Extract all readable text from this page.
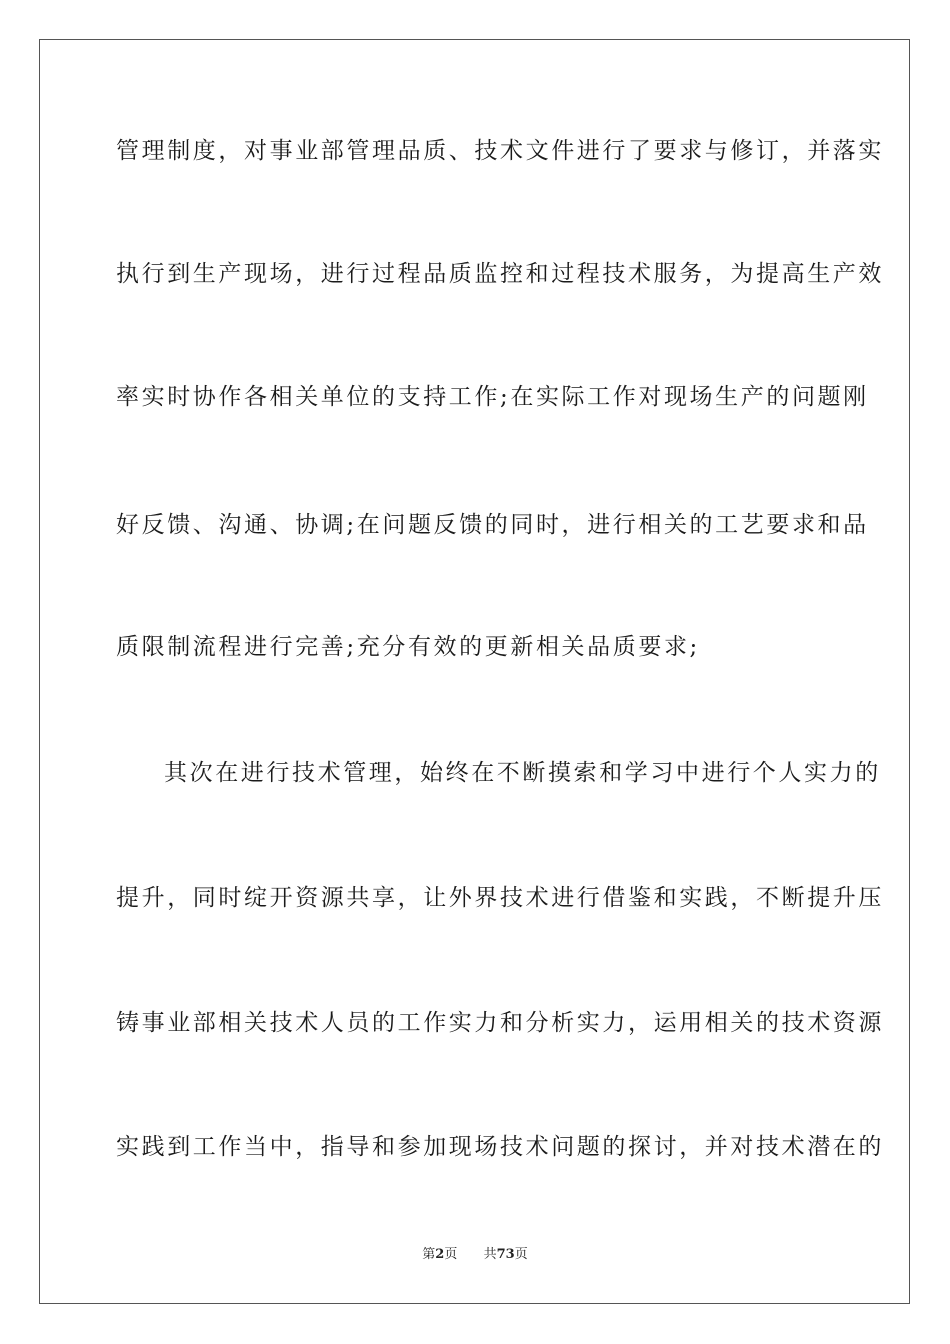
管理制度，对事业部管理品质、技术文件进行了要求与修订，并落实
执行到生产现场，进行过程品质监控和过程技术服务，为提高生产效
率实时协作各相关单位的支持工作;在实际工作对现场生产的问题刚
好反馈、沟通、协调;在问题反馈的同时，进行相关的工艺要求和品
质限制流程进行完善;充分有效的更新相关品质要求;
其次在进行技术管理，始终在不断摸索和学习中进行个人实力的
提升，同时绽开资源共享，让外界技术进行借鉴和实践，不断提升压
铸事业部相关技术人员的工作实力和分析实力，运用相关的技术资源
实践到工作当中，指导和参加现场技术问题的探讨，并对技术潜在的
第2页 共73页
